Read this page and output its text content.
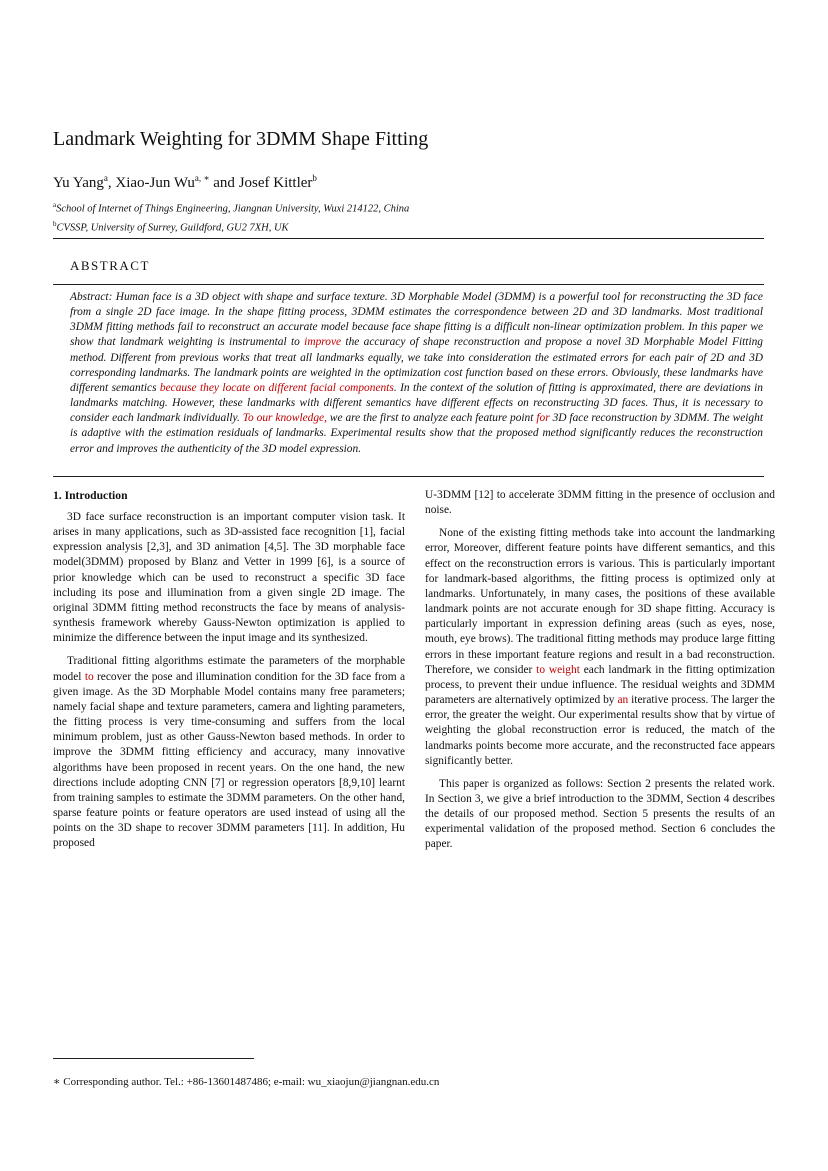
Landmark Weighting for 3DMM Shape Fitting
Yu Yang$^a$, Xiao-Jun $Wu^{a, ∗}$ and Josef Kittler$^b$
$^a$School of Internet of Things Engineering, Jiangnan University, Wuxi 214122, China
$^b$CVSSP, University of Surrey, Guildford, GU2 7XH, UK
ABSTRACT
Abstract: Human face is a 3D object with shape and surface texture. 3D Morphable Model (3DMM) is a powerful tool for reconstructing the 3D face from a single 2D face image. In the shape fitting process, 3DMM estimates the correspondence between 2D and 3D landmarks. Most traditional 3DMM fitting methods fail to reconstruct an accurate model because face shape fitting is a difficult non-linear optimization problem. In this paper we show that landmark weighting is instrumental to improve the accuracy of shape reconstruction and propose a novel 3D Morphable Model Fitting method. Different from previous works that treat all landmarks equally, we take into consideration the estimated errors for each pair of 2D and 3D corresponding landmarks. The landmark points are weighted in the optimization cost function based on these errors. Obviously, these landmarks have different semantics because they locate on different facial components. In the context of the solution of fitting is approximated, there are deviations in landmarks matching. However, these landmarks with different semantics have different effects on reconstructing 3D faces. Thus, it is necessary to consider each landmark individually. To our knowledge, we are the first to analyze each feature point for 3D face reconstruction by 3DMM. The weight is adaptive with the estimation residuals of landmarks. Experimental results show that the proposed method significantly reduces the reconstruction error and improves the authenticity of the 3D model expression.
1. Introduction

3D face surface reconstruction is an important computer vision task. It arises in many applications, such as 3D-assisted face recognition [1], facial expression analysis [2,3], and 3D animation [4,5]. The 3D morphable face model(3DMM) proposed by Blanz and Vetter in 1999 [6], is a source of prior knowledge which can be used to reconstruct a specific 3D face including its pose and illumination from a given single 2D image. The original 3DMM fitting method reconstructs the face by means of analysis-synthesis framework whereby Gauss-Newton optimization is applied to minimize the difference between the input image and its synthesized.

Traditional fitting algorithms estimate the parameters of the morphable model to recover the pose and illumination condition for the 3D face from a given image. As the 3D Morphable Model contains many free parameters; namely facial shape and texture parameters, camera and lighting parameters, the fitting process is very time-consuming and suffers from the local minimum problem, just as other Gauss-Newton based methods. In order to improve the 3DMM fitting efficiency and accuracy, many innovative algorithms have been proposed in recent years. On the one hand, the new directions include adopting CNN [7] or regression operators [8,9,10] learnt from training samples to estimate the 3DMM parameters. On the other hand, sparse feature points or feature operators are used instead of using all the points on the 3D shape to recover 3DMM parameters [11]. In addition, Hu proposed

U-3DMM [12] to accelerate 3DMM fitting in the presence of occlusion and noise.

None of the existing fitting methods take into account the landmarking error, Moreover, different feature points have different semantics, and this effect on the reconstruction errors is various. This is particularly important for landmark-based algorithms, the fitting process is optimized only at landmarks. Unfortunately, in many cases, the positions of these available landmark points are not accurate enough for 3D shape fitting. Accuracy is particularly important in expression defining areas (such as eyes, nose, mouth, eye brows). The traditional fitting methods may produce large fitting errors in these important feature regions and result in a bad reconstruction. Therefore, we consider to weight each landmark in the fitting optimization process, to prevent their undue influence. The residual weights and 3DMM parameters are alternatively optimized by an iterative process. The larger the error, the greater the weight. Our experimental results show that by virtue of weighting the global reconstruction error is reduced, the match of the landmarks points become more accurate, and the reconstructed face appears significantly better.

This paper is organized as follows: Section 2 presents the related work. In Section 3, we give a brief introduction to the 3DMM, Section 4 describes the details of our proposed method. Section 5 presents the results of an experimental validation of the proposed method. Section 6 concludes the paper.

∗ Corresponding author. Tel.: +86-13601487486; e-mail: wu_xiaojun@jiangnan.edu.cn
